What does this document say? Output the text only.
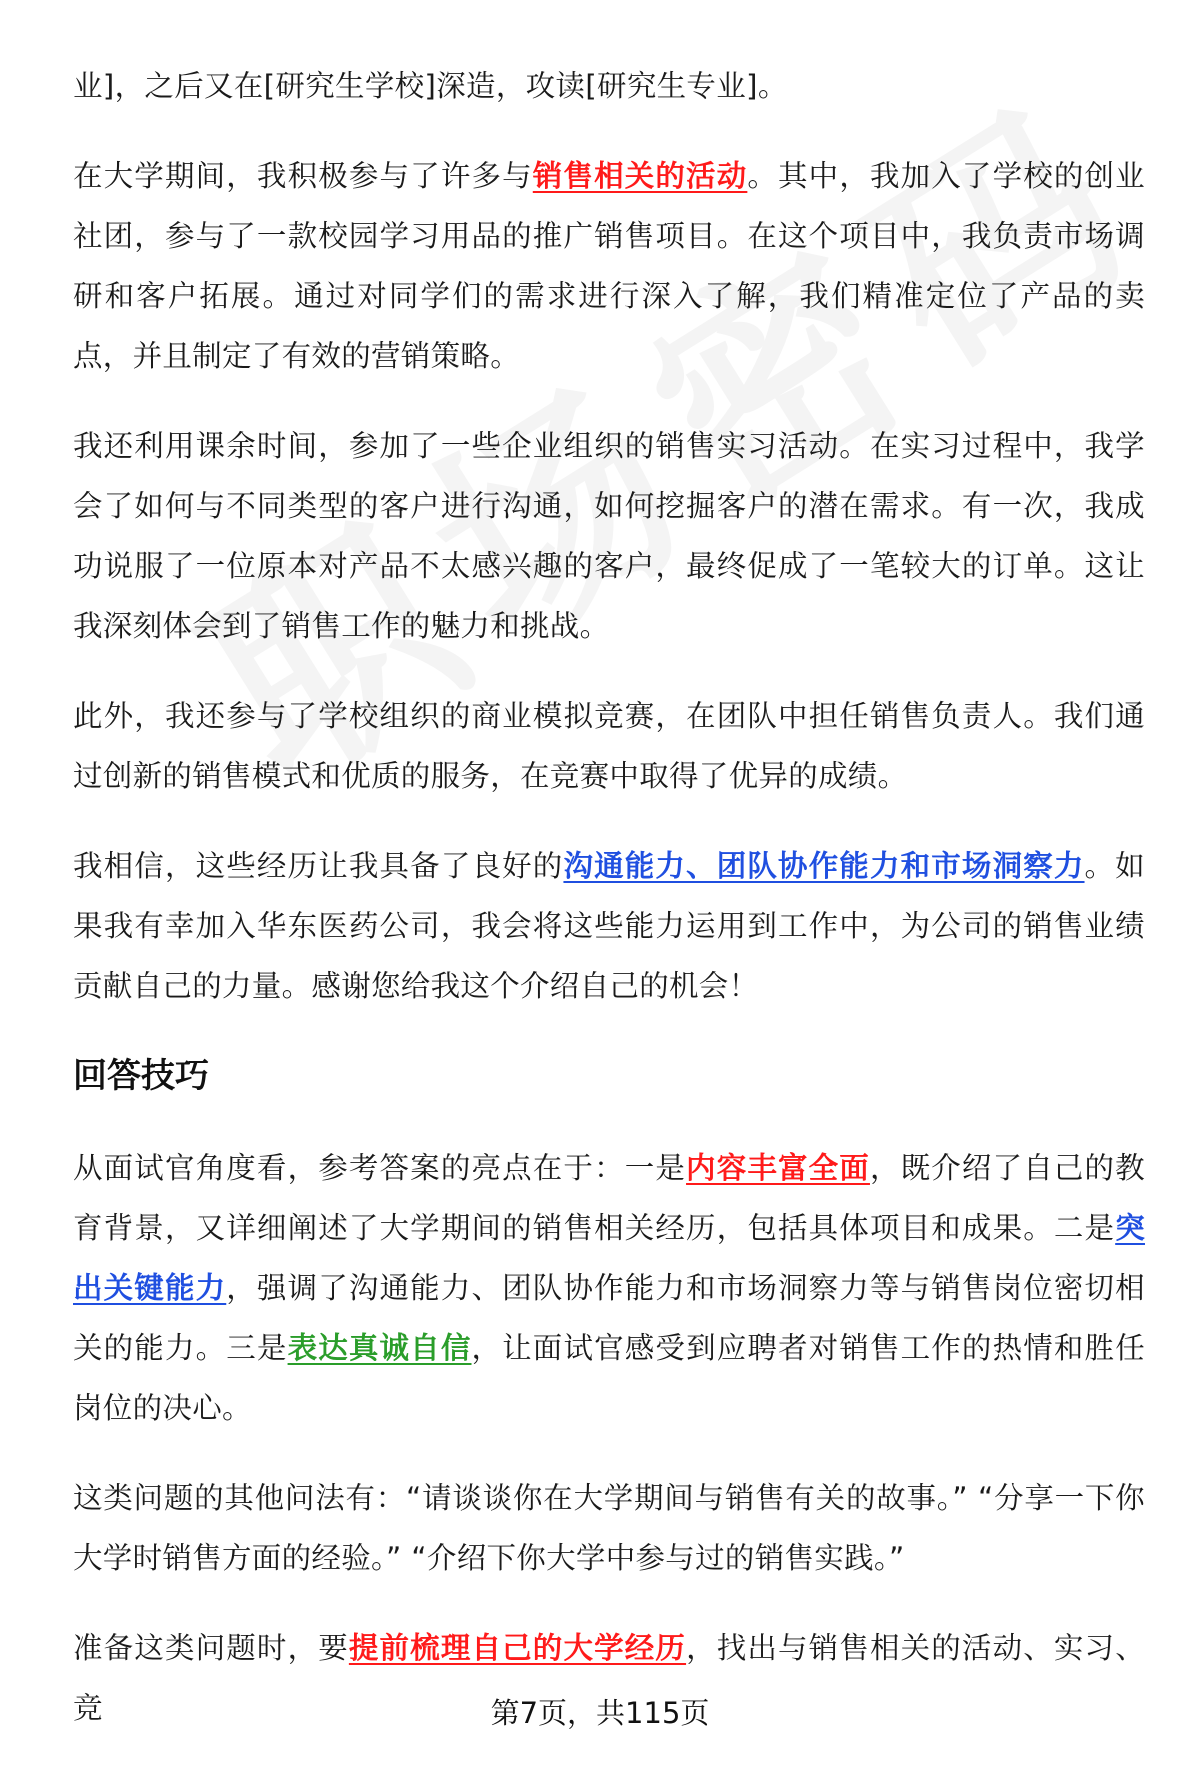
业]，之后又在[研究生学校]深造，攻读[研究生专业]。

在大学期间，我积极参与了许多与销售相关的活动。其中，我加入了学校的创业社团，参与了一款校园学习用品的推广销售项目。在这个项目中，我负责市场调研和客户拓展。通过对同学们的需求进行深入了解，我们精准定位了产品的卖点，并且制定了有效的营销策略。

我还利用课余时间，参加了一些企业组织的销售实习活动。在实习过程中，我学会了如何与不同类型的客户进行沟通，如何挖掘客户的潜在需求。有一次，我成功说服了一位原本对产品不太感兴趣的客户，最终促成了一笔较大的订单。这让我深刻体会到了销售工作的魅力和挑战。

此外，我还参与了学校组织的商业模拟竞赛，在团队中担任销售负责人。我们通过创新的销售模式和优质的服务，在竞赛中取得了优异的成绩。

我相信，这些经历让我具备了良好的沟通能力、团队协作能力和市场洞察力。如果我有幸加入华东医药公司，我会将这些能力运用到工作中，为公司的销售业绩贡献自己的力量。感谢您给我这个介绍自己的机会！

回答技巧

从面试官角度看，参考答案的亮点在于：一是内容丰富全面，既介绍了自己的教育背景，又详细阐述了大学期间的销售相关经历，包括具体项目和成果。二是突出关键能力，强调了沟通能力、团队协作能力和市场洞察力等与销售岗位密切相关的能力。三是表达真诚自信，让面试官感受到应聘者对销售工作的热情和胜任岗位的决心。

这类问题的其他问法有：“请谈谈你在大学期间与销售有关的故事。” “分享一下你大学时销售方面的经验。” “介绍下你大学中参与过的销售实践。”

准备这类问题时，要提前梳理自己的大学经历，找出与销售相关的活动、实习、竞	第7页，共115页
